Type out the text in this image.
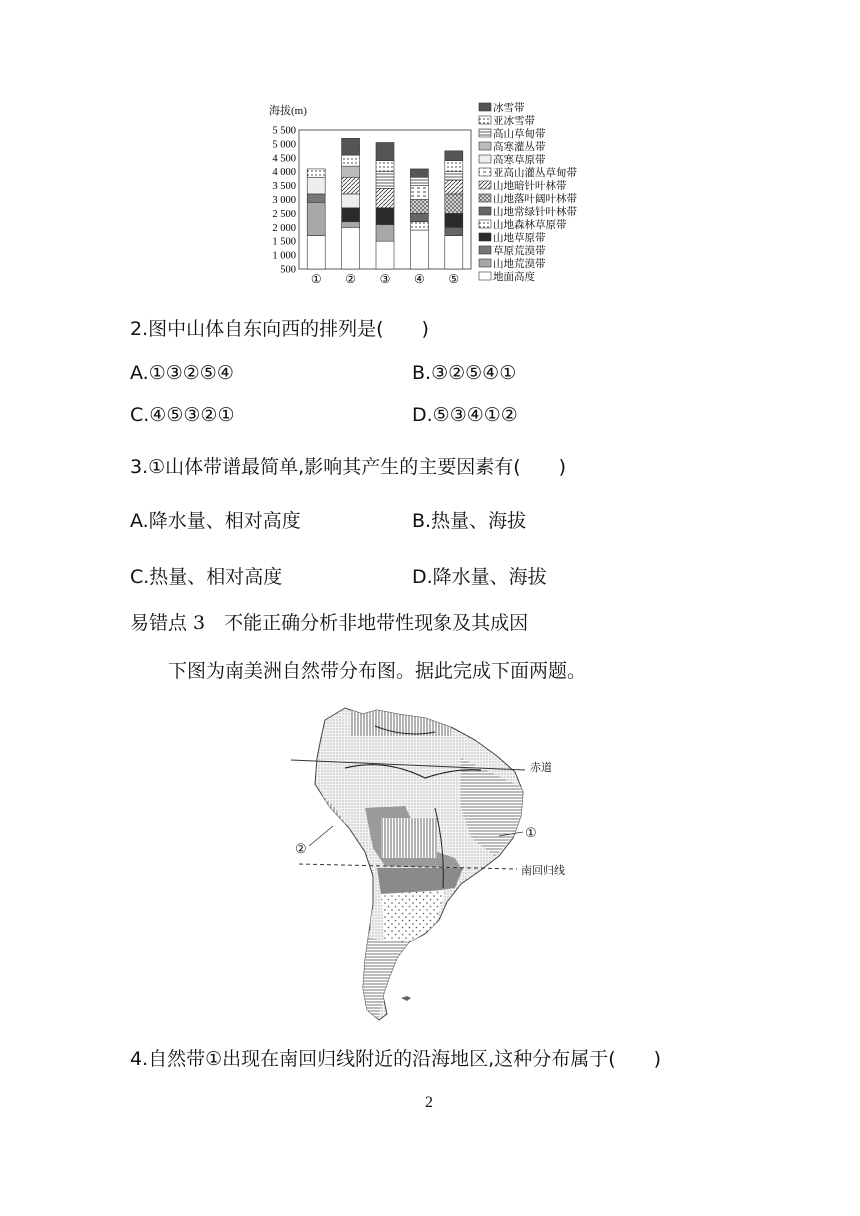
海拔(m)
5 500
5 000
4 500
4 000
3 500
3 000
2 500
2 000
1 500
1 000
500
① ② ③ ④ ⑤
冰雪带
亚冰雪带
高山草甸带
高寒灌丛带
高寒草原带
亚高山灌丛草甸带
山地暗针叶林带
山地落叶阔叶林带
山地常绿针叶林带
山地森林草原带
山地草原带
草原荒漠带
山地荒漠带
地面高度
2.图中山体自东向西的排列是(　　)
A.①③②⑤④	B.③②⑤④①
C.④⑤③②①	D.⑤③④①②
3.①山体带谱最简单,影响其产生的主要因素有(　　)
A.降水量、相对高度	B.热量、海拔
C.热量、相对高度	D.降水量、海拔
易错点 3　不能正确分析非地带性现象及其成因
下图为南美洲自然带分布图。据此完成下面两题。
赤道
南回归线
①
②
4.自然带①出现在南回归线附近的沿海地区,这种分布属于(　　)
2
